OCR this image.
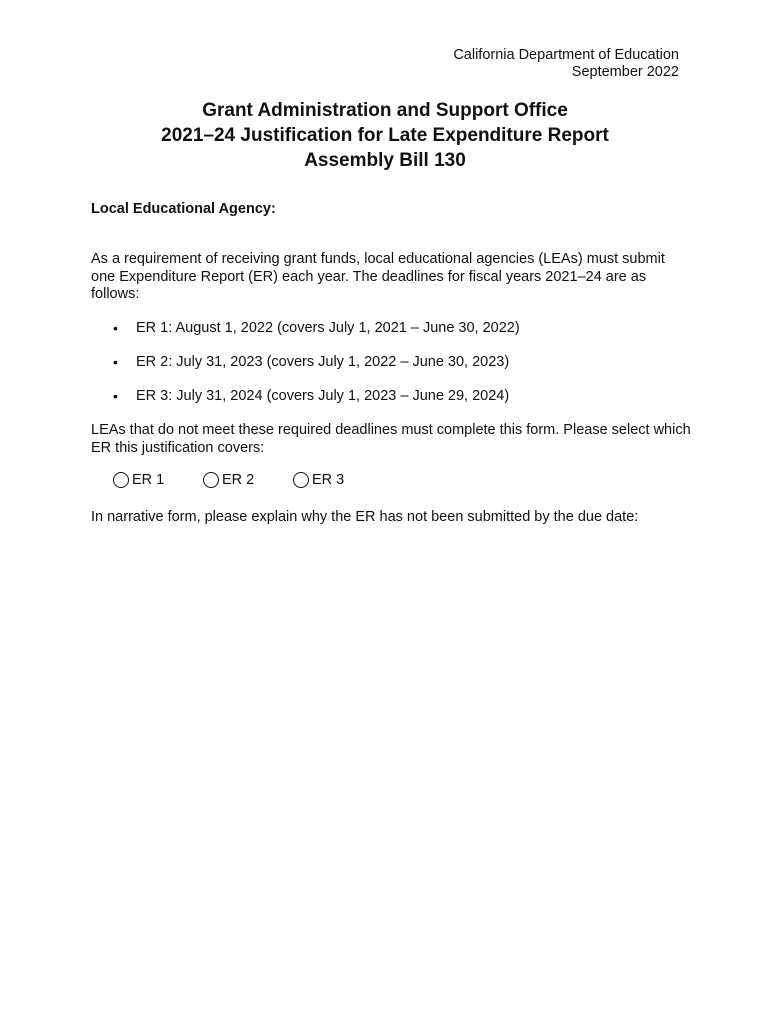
California Department of Education
September 2022
Grant Administration and Support Office
2021–24 Justification for Late Expenditure Report
Assembly Bill 130
Local Educational Agency:

As a requirement of receiving grant funds, local educational agencies (LEAs) must submit one Expenditure Report (ER) each year. The deadlines for fiscal years 2021–24 are as follows:

• ER 1: August 1, 2022 (covers July 1, 2021 – June 30, 2022)
• ER 2: July 31, 2023 (covers July 1, 2022 – June 30, 2023)
• ER 3: July 31, 2024 (covers July 1, 2023 – June 29, 2024)

LEAs that do not meet these required deadlines must complete this form. Please select which ER this justification covers:

ER 1	ER 2	ER 3

In narrative form, please explain why the ER has not been submitted by the due date:
